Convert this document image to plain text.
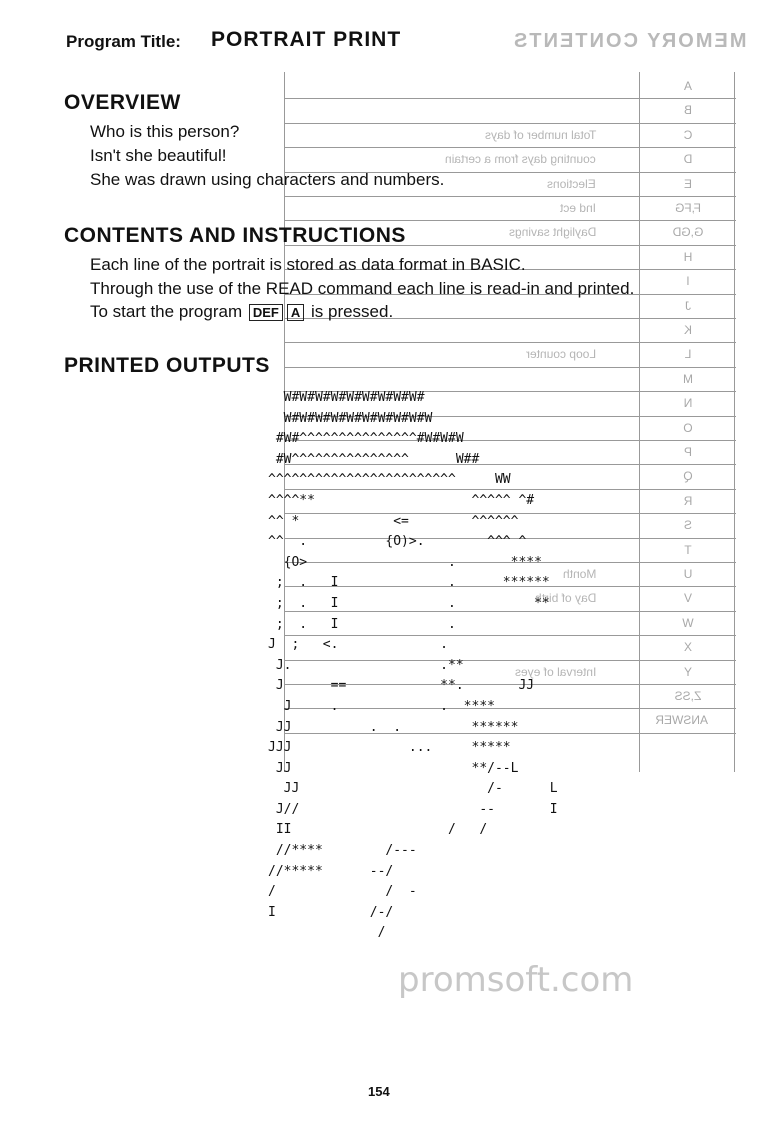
Program Title: PORTRAIT PRINT	MEMORY CONTENTS
A
B
C
Total number of days
D
counting days from a certain
E
Elections
F,FG
Ind ect
G,GD
Daylight savings
H
I
J
K
L
Loop counter
M
N
O
P
Q
R
S
T
U
Month
V
Day of birth
W
X
Y
Interval of eyes
Z,SS
ANSWER
OVERVIEW
Who is this person?
Isn't she beautiful!
She was drawn using characters and numbers.
CONTENTS AND INSTRUCTIONS
Each line of the portrait is stored as data format in BASIC.
Through the use of the READ command each line is read-in and printed.
To start the program DEF A is pressed.
PRINTED OUTPUTS
W#W#W#W#W#W#W#W#W#
W#W#W#W#W#W#W#W#W#W
#W#^^^^^^^^^^^^^^^#W#W#W
#W^^^^^^^^^^^^^^^      W##
^^^^^^^^^^^^^^^^^^^^^^^^     WW
^^^^**                    ^^^^^ ^#
^^ *            <=        ^^^^^^
^^  .          {O)>.        ^^^ ^
{O>                  .       ****
;  .   I              .      ******
;  .   I              .          **
;  .   I              .
J  ;   <.             .
J.                   .**
J      ==            **.       JJ
J     .             .  ****
JJ          .  .         ******
JJJ               ...     *****
JJ                       **/--L
JJ                        /-      L
J//                       --       I
II                    /   /
//****        /---
//*****      --/
/              /  -
I            /-/
/
promsoft.com
154
